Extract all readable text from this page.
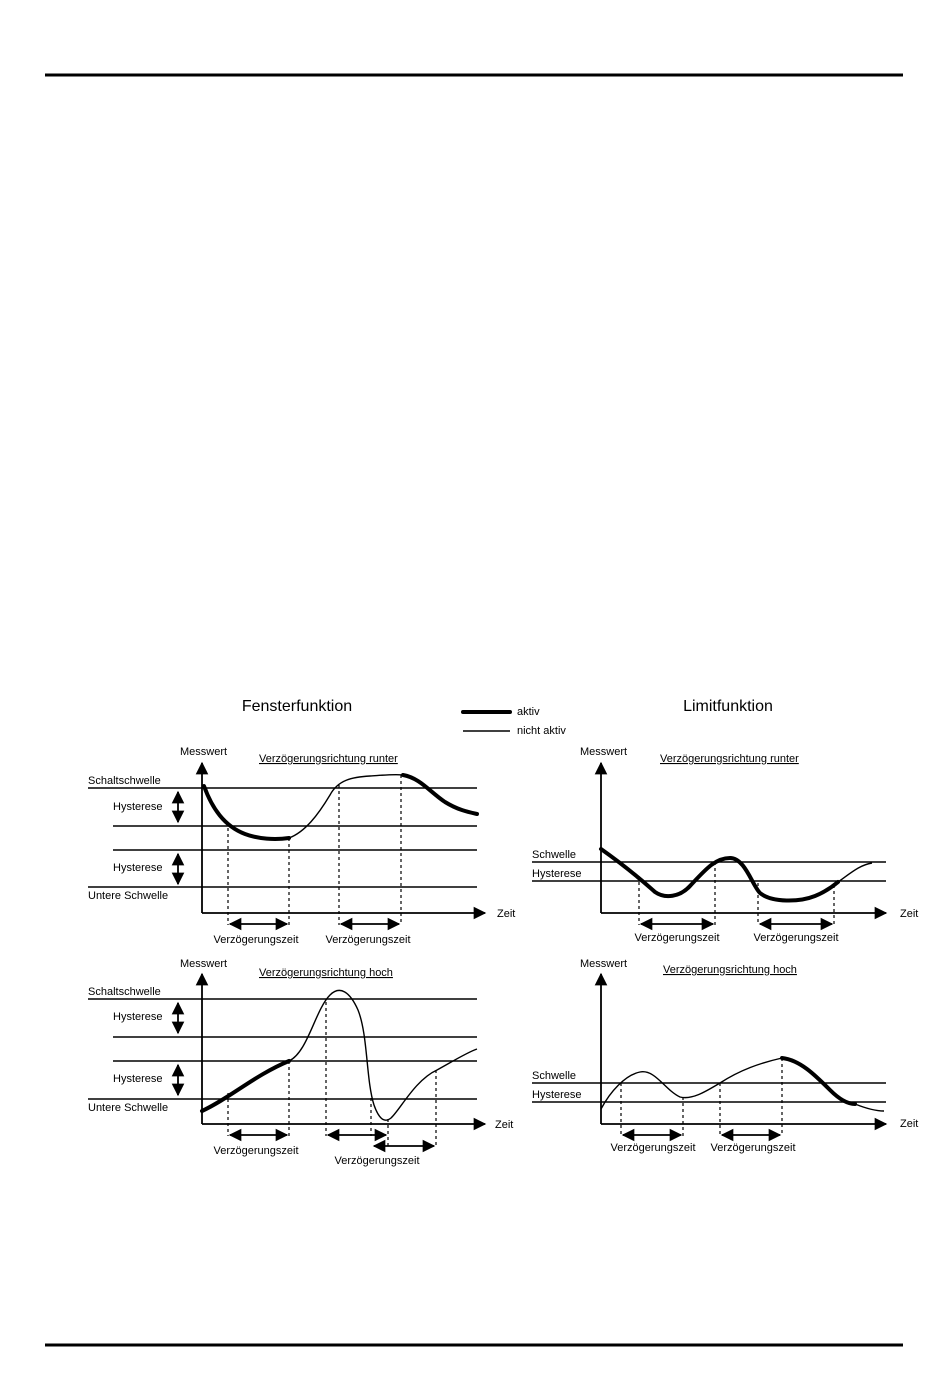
Fensterfunktion	Limitfunktion
aktiv
nicht aktiv
Messwert
Verzögerungsrichtung runter
Zeit
Schaltschwelle
Hysterese
Hysterese
Untere Schwelle
Verzögerungszeit Verzögerungszeit
Messwert
Verzögerungsrichtung hoch
Zeit
Schaltschwelle
Hysterese
Hysterese
Untere Schwelle
Verzögerungszeit
Verzögerungszeit
Messwert
Verzögerungsrichtung runter
Zeit
Schwelle
Hysterese
Verzögerungszeit	Verzögerungszeit
Messwert	Verzögerungsrichtung hoch
Zeit
Schwelle
Hysterese
Verzögerungszeit Verzögerungszeit
